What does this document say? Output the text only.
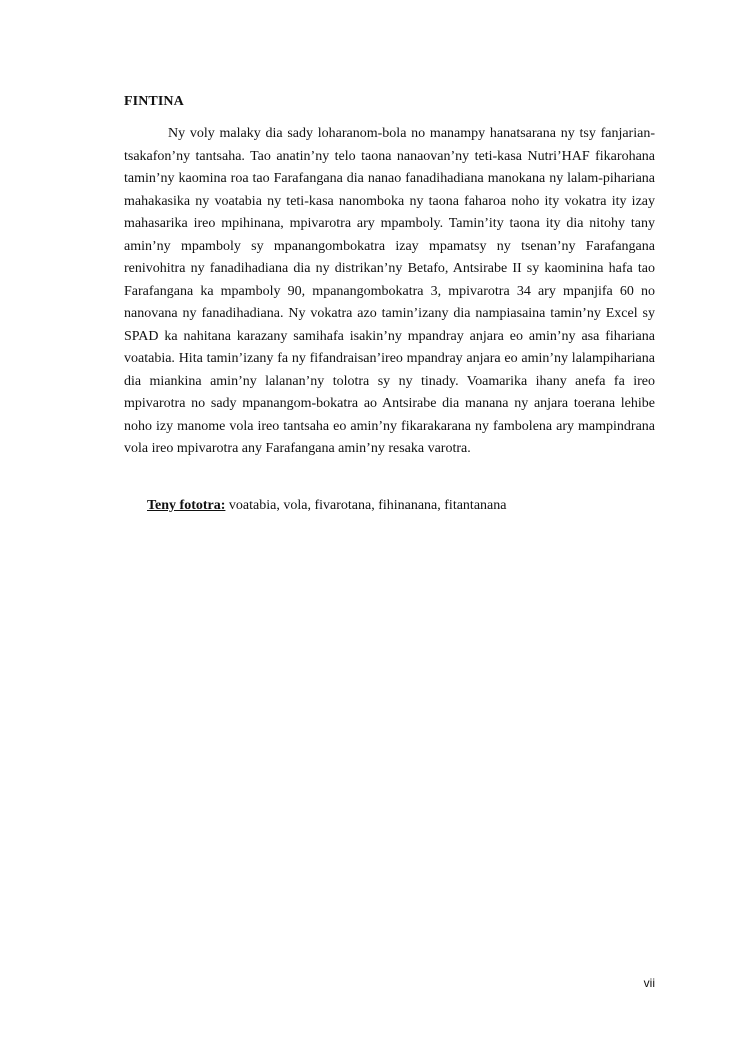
FINTINA

Ny voly malaky dia sady loharanom-bola no manampy hanatsarana ny tsy fanjarian-tsakafon’ny tantsaha. Tao anatin’ny telo taona nanaovan’ny teti-kasa Nutri’HAF fikarohana tamin’ny kaomina roa tao Farafangana dia nanao fanadihadiana manokana ny lalam-pihariana mahakasika ny voatabia ny teti-kasa nanomboka ny taona faharoa noho ity vokatra ity izay mahasarika ireo mpihinana, mpivarotra ary mpamboly. Tamin’ity taona ity dia nitohy tany amin’ny mpamboly sy mpanangombokatra izay mpamatsy ny tsenan’ny Farafangana renivohitra ny fanadihadiana dia ny distrikan’ny Betafo, Antsirabe II sy kaominina hafa tao Farafangana ka mpamboly 90, mpanangombokatra 3, mpivarotra 34 ary mpanjifa 60 no nanovana ny fanadihadiana. Ny vokatra azo tamin’izany dia nampiasaina tamin’ny Excel sy SPAD ka nahitana karazany samihafa isakin’ny mpandray anjara eo amin’ny asa fihariana voatabia. Hita tamin’izany fa ny fifandraisan’ireo mpandray anjara eo amin’ny lalampihariana dia miankina amin’ny lalanan’ny tolotra sy ny tinady. Voamarika ihany anefa fa ireo mpivarotra no sady mpanangom-bokatra ao Antsirabe dia manana ny anjara toerana lehibe noho izy manome vola ireo tantsaha eo amin’ny fikarakarana ny fambolena ary mampindrana vola ireo mpivarotra any Farafangana amin’ny resaka varotra.

Teny fototra: voatabia, vola, fivarotana, fihinanana, fitantanana

vii
